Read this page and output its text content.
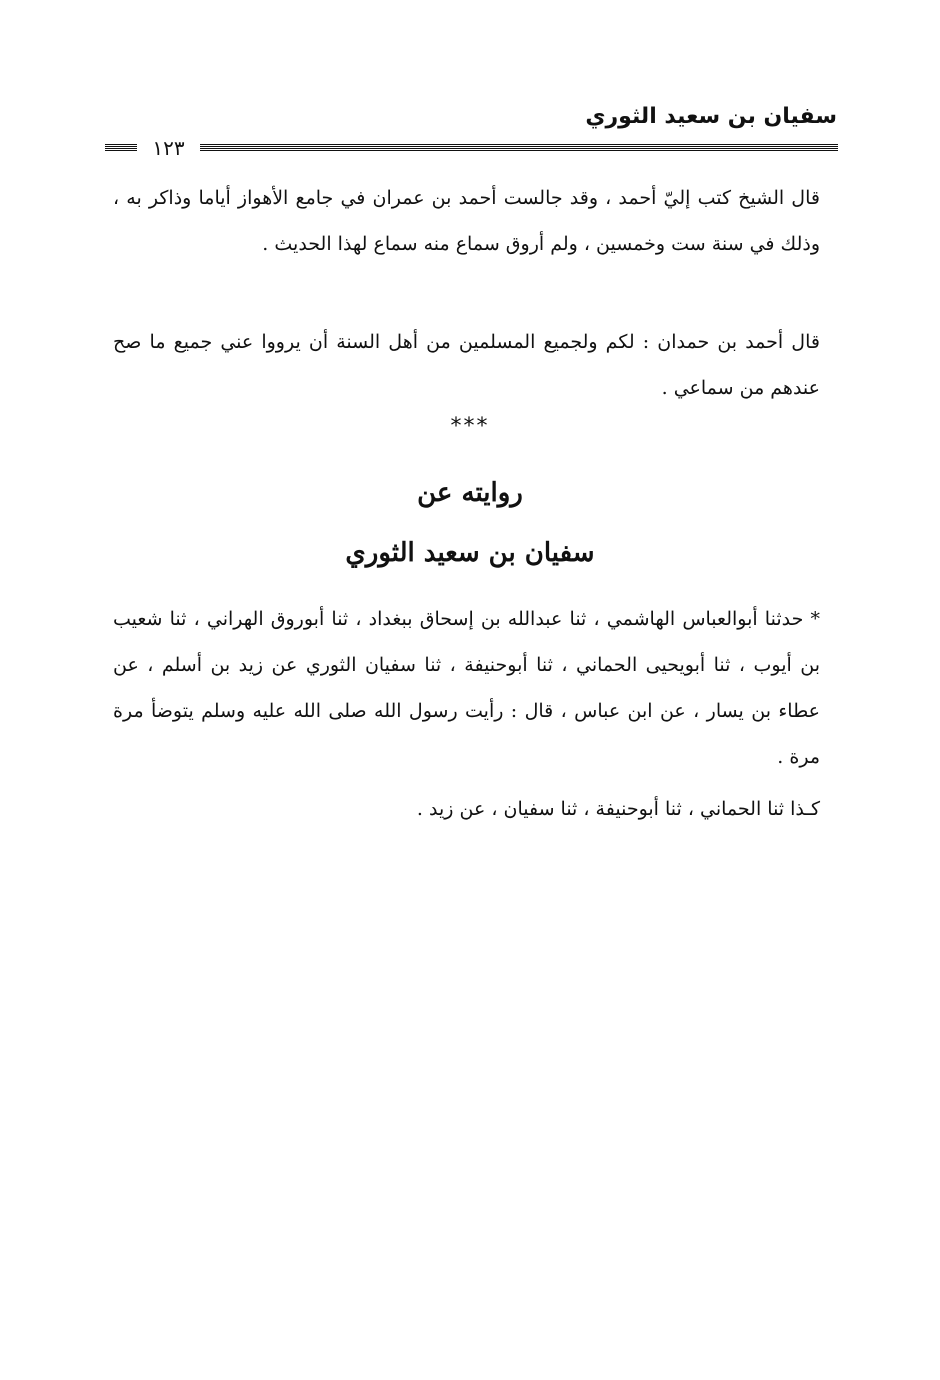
سفيان بن سعيد الثوري
١٢٣

قال الشيخ كتب إليّ أحمد ، وقد جالست أحمد بن عمران في جامع الأهواز أياما وذاكر به ، وذلك في سنة ست وخمسين ، ولم أروق سماع منه سماع لهذا الحديث .

قال أحمد بن حمدان : لكم ولجميع المسلمين من أهل السنة أن يرووا عني جميع ما صح عندهم من سماعي .

***
روايته عن
سفيان بن سعيد الثوري

* حدثنا أبوالعباس الهاشمي ، ثنا عبدالله بن إسحاق ببغداد ، ثنا أبوروق الهراني ، ثنا شعيب بن أيوب ، ثنا أبويحيى الحماني ، ثنا أبوحنيفة ، ثنا سفيان الثوري عن زيد بن أسلم ، عن عطاء بن يسار ، عن ابن عباس ، قال : رأيت رسول الله صلى الله عليه وسلم يتوضأ مرة مرة .

كـذا ثنا الحماني ، ثنا أبوحنيفة ، ثنا سفيان ، عن زيد .
